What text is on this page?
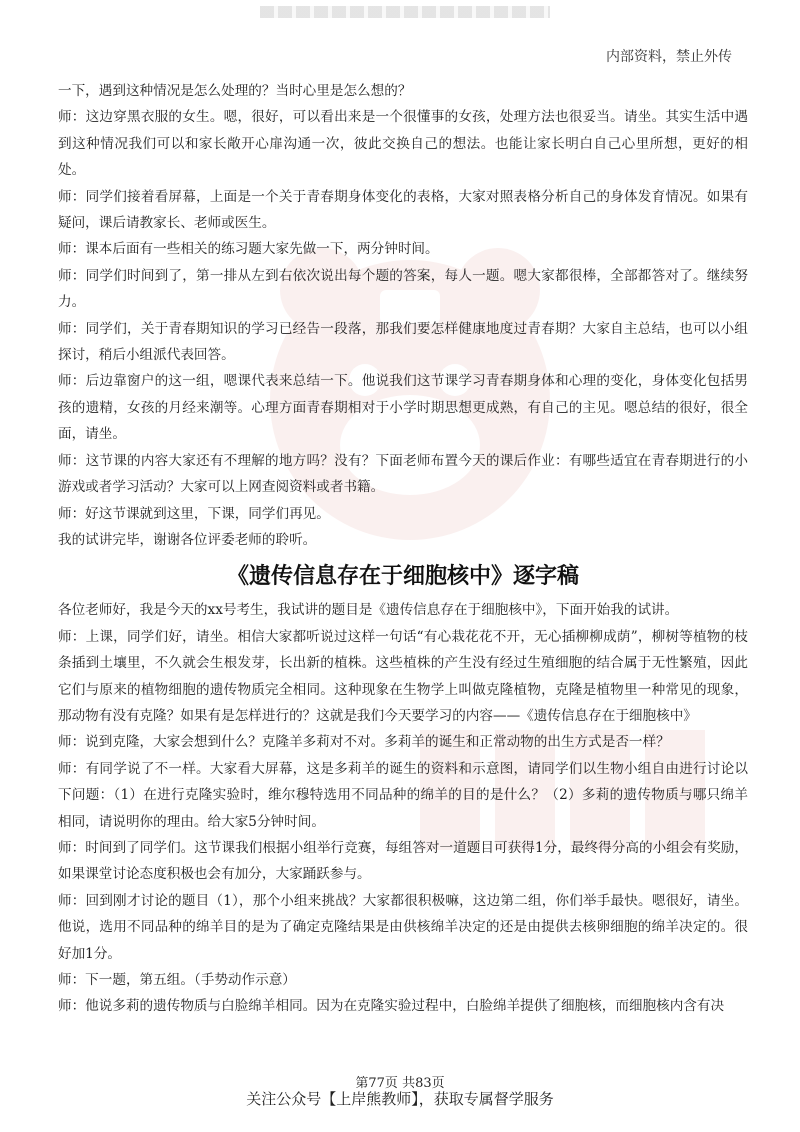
内部资料，禁止外传

一下，遇到这种情况是怎么处理的？当时心里是怎么想的？

师：这边穿黑衣服的女生。嗯，很好，可以看出来是一个很懂事的女孩，处理方法也很妥当。请坐。其实生活中遇到这种情况我们可以和家长敞开心扉沟通一次，彼此交换自己的想法。也能让家长明白自己心里所想，更好的相处。

师：同学们接着看屏幕，上面是一个关于青春期身体变化的表格，大家对照表格分析自己的身体发育情况。如果有疑问，课后请教家长、老师或医生。

师：课本后面有一些相关的练习题大家先做一下，两分钟时间。

师：同学们时间到了，第一排从左到右依次说出每个题的答案，每人一题。嗯大家都很棒，全部都答对了。继续努力。

师：同学们，关于青春期知识的学习已经告一段落，那我们要怎样健康地度过青春期？大家自主总结，也可以小组探讨，稍后小组派代表回答。

师：后边靠窗户的这一组，嗯课代表来总结一下。他说我们这节课学习青春期身体和心理的变化，身体变化包括男孩的遗精，女孩的月经来潮等。心理方面青春期相对于小学时期思想更成熟，有自己的主见。嗯总结的很好，很全面，请坐。

师：这节课的内容大家还有不理解的地方吗？没有？下面老师布置今天的课后作业：有哪些适宜在青春期进行的小游戏或者学习活动？大家可以上网查阅资料或者书籍。

师：好这节课就到这里，下课，同学们再见。

我的试讲完毕，谢谢各位评委老师的聆听。

《遗传信息存在于细胞核中》逐字稿

各位老师好，我是今天的xx号考生，我试讲的题目是《遗传信息存在于细胞核中》，下面开始我的试讲。

师：上课，同学们好，请坐。相信大家都听说过这样一句话“有心栽花花不开，无心插柳柳成荫”，柳树等植物的枝条插到土壤里，不久就会生根发芽，长出新的植株。这些植株的产生没有经过生殖细胞的结合属于无性繁殖，因此它们与原来的植物细胞的遗传物质完全相同。这种现象在生物学上叫做克隆植物，克隆是植物里一种常见的现象，那动物有没有克隆？如果有是怎样进行的？这就是我们今天要学习的内容——《遗传信息存在于细胞核中》

师：说到克隆，大家会想到什么？克隆羊多莉对不对。多莉羊的诞生和正常动物的出生方式是否一样？

师：有同学说了不一样。大家看大屏幕，这是多莉羊的诞生的资料和示意图，请同学们以生物小组自由进行讨论以下问题：（1）在进行克隆实验时，维尔穆特选用不同品种的绵羊的目的是什么？（2）多莉的遗传物质与哪只绵羊相同，请说明你的理由。给大家5分钟时间。

师：时间到了同学们。这节课我们根据小组举行竞赛，每组答对一道题目可获得1分，最终得分高的小组会有奖励，如果课堂讨论态度积极也会有加分，大家踊跃参与。

师：回到刚才讨论的题目（1），那个小组来挑战？大家都很积极嘛，这边第二组，你们举手最快。嗯很好，请坐。他说，选用不同品种的绵羊目的是为了确定克隆结果是由供核绵羊决定的还是由提供去核卵细胞的绵羊决定的。很好加1分。

师：下一题，第五组。（手势动作示意）

师：他说多莉的遗传物质与白脸绵羊相同。因为在克隆实验过程中，白脸绵羊提供了细胞核，而细胞核内含有决

第77页 共83页
关注公众号【上岸熊教师】，获取专属督学服务
